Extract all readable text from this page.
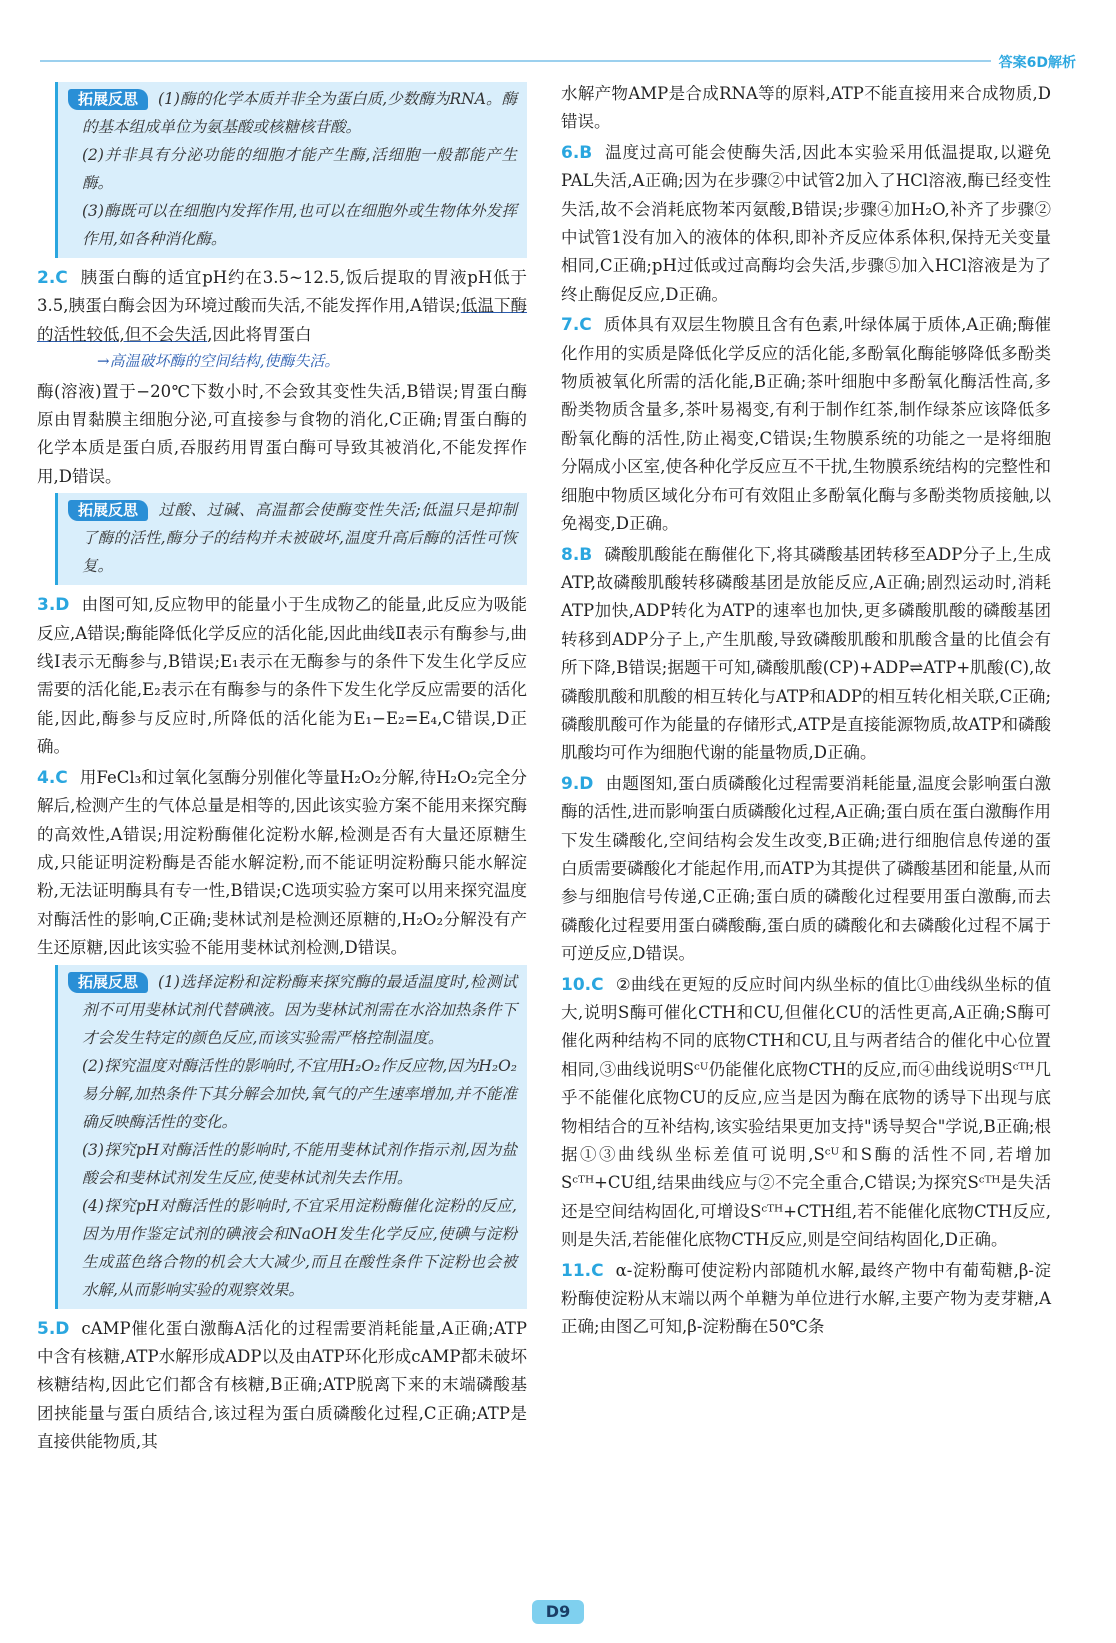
答案6D解析
拓展反思 (1)酶的化学本质并非全为蛋白质,少数酶为RNA。酶的基本组成单位为氨基酸或核糖核苷酸。
(2)并非具有分泌功能的细胞才能产生酶,活细胞一般都能产生酶。
(3)酶既可以在细胞内发挥作用,也可以在细胞外或生物体外发挥作用,如各种消化酶。
2.C 胰蛋白酶的适宜pH约在3.5~12.5,饭后提取的胃液pH低于3.5,胰蛋白酶会因为环境过酸而失活,不能发挥作用,A错误;低温下酶的活性较低,但不会失活,因此将胃蛋白
→高温破坏酶的空间结构,使酶失活。
酶(溶液)置于−20℃下数小时,不会致其变性失活,B错误;胃蛋白酶原由胃黏膜主细胞分泌,可直接参与食物的消化,C正确;胃蛋白酶的化学本质是蛋白质,吞服药用胃蛋白酶可导致其被消化,不能发挥作用,D错误。
拓展反思 过酸、过碱、高温都会使酶变性失活;低温只是抑制了酶的活性,酶分子的结构并未被破坏,温度升高后酶的活性可恢复。
3.D 由图可知,反应物甲的能量小于生成物乙的能量,此反应为吸能反应,A错误;酶能降低化学反应的活化能,因此曲线Ⅱ表示有酶参与,曲线Ⅰ表示无酶参与,B错误;E₁表示在无酶参与的条件下发生化学反应需要的活化能,E₂表示在有酶参与的条件下发生化学反应需要的活化能,因此,酶参与反应时,所降低的活化能为E₁−E₂=E₄,C错误,D正确。
4.C 用FeCl₃和过氧化氢酶分别催化等量H₂O₂分解,待H₂O₂完全分解后,检测产生的气体总量是相等的,因此该实验方案不能用来探究酶的高效性,A错误;用淀粉酶催化淀粉水解,检测是否有大量还原糖生成,只能证明淀粉酶是否能水解淀粉,而不能证明淀粉酶只能水解淀粉,无法证明酶具有专一性,B错误;C选项实验方案可以用来探究温度对酶活性的影响,C正确;斐林试剂是检测还原糖的,H₂O₂分解没有产生还原糖,因此该实验不能用斐林试剂检测,D错误。
拓展反思 (1)选择淀粉和淀粉酶来探究酶的最适温度时,检测试剂不可用斐林试剂代替碘液。因为斐林试剂需在水浴加热条件下才会发生特定的颜色反应,而该实验需严格控制温度。
(2)探究温度对酶活性的影响时,不宜用H₂O₂作反应物,因为H₂O₂易分解,加热条件下其分解会加快,氧气的产生速率增加,并不能准确反映酶活性的变化。
(3)探究pH对酶活性的影响时,不能用斐林试剂作指示剂,因为盐酸会和斐林试剂发生反应,使斐林试剂失去作用。
(4)探究pH对酶活性的影响时,不宜采用淀粉酶催化淀粉的反应,因为用作鉴定试剂的碘液会和NaOH发生化学反应,使碘与淀粉生成蓝色络合物的机会大大减少,而且在酸性条件下淀粉也会被水解,从而影响实验的观察效果。
5.D cAMP催化蛋白激酶A活化的过程需要消耗能量,A正确;ATP中含有核糖,ATP水解形成ADP以及由ATP环化形成cAMP都未破坏核糖结构,因此它们都含有核糖,B正确;ATP脱离下来的末端磷酸基团挟能量与蛋白质结合,该过程为蛋白质磷酸化过程,C正确;ATP是直接供能物质,其
水解产物AMP是合成RNA等的原料,ATP不能直接用来合成物质,D错误。
6.B 温度过高可能会使酶失活,因此本实验采用低温提取,以避免PAL失活,A正确;因为在步骤②中试管2加入了HCl溶液,酶已经变性失活,故不会消耗底物苯丙氨酸,B错误;步骤④加H₂O,补齐了步骤②中试管1没有加入的液体的体积,即补齐反应体系体积,保持无关变量相同,C正确;pH过低或过高酶均会失活,步骤⑤加入HCl溶液是为了终止酶促反应,D正确。
7.C 质体具有双层生物膜且含有色素,叶绿体属于质体,A正确;酶催化作用的实质是降低化学反应的活化能,多酚氧化酶能够降低多酚类物质被氧化所需的活化能,B正确;茶叶细胞中多酚氧化酶活性高,多酚类物质含量多,茶叶易褐变,有利于制作红茶,制作绿茶应该降低多酚氧化酶的活性,防止褐变,C错误;生物膜系统的功能之一是将细胞分隔成小区室,使各种化学反应互不干扰,生物膜系统结构的完整性和细胞中物质区域化分布可有效阻止多酚氧化酶与多酚类物质接触,以免褐变,D正确。
8.B 磷酸肌酸能在酶催化下,将其磷酸基团转移至ADP分子上,生成ATP,故磷酸肌酸转移磷酸基团是放能反应,A正确;剧烈运动时,消耗ATP加快,ADP转化为ATP的速率也加快,更多磷酸肌酸的磷酸基团转移到ADP分子上,产生肌酸,导致磷酸肌酸和肌酸含量的比值会有所下降,B错误;据题干可知,磷酸肌酸(CP)+ADP⇌ATP+肌酸(C),故磷酸肌酸和肌酸的相互转化与ATP和ADP的相互转化相关联,C正确;磷酸肌酸可作为能量的存储形式,ATP是直接能源物质,故ATP和磷酸肌酸均可作为细胞代谢的能量物质,D正确。
9.D 由题图知,蛋白质磷酸化过程需要消耗能量,温度会影响蛋白激酶的活性,进而影响蛋白质磷酸化过程,A正确;蛋白质在蛋白激酶作用下发生磷酸化,空间结构会发生改变,B正确;进行细胞信息传递的蛋白质需要磷酸化才能起作用,而ATP为其提供了磷酸基团和能量,从而参与细胞信号传递,C正确;蛋白质的磷酸化过程要用蛋白激酶,而去磷酸化过程要用蛋白磷酸酶,蛋白质的磷酸化和去磷酸化过程不属于可逆反应,D错误。
10.C ②曲线在更短的反应时间内纵坐标的值比①曲线纵坐标的值大,说明S酶可催化CTH和CU,但催化CU的活性更高,A正确;S酶可催化两种结构不同的底物CTH和CU,且与两者结合的催化中心位置相同,③曲线说明Sᶜᵁ仍能催化底物CTH的反应,而④曲线说明Sᶜᵀᴴ几乎不能催化底物CU的反应,应当是因为酶在底物的诱导下出现与底物相结合的互补结构,该实验结果更加支持"诱导契合"学说,B正确;根据①③曲线纵坐标差值可说明,Sᶜᵁ和S酶的活性不同,若增加Sᶜᵀᴴ+CU组,结果曲线应与②不完全重合,C错误;为探究Sᶜᵀᴴ是失活还是空间结构固化,可增设Sᶜᵀᴴ+CTH组,若不能催化底物CTH反应,则是失活,若能催化底物CTH反应,则是空间结构固化,D正确。
11.C α-淀粉酶可使淀粉内部随机水解,最终产物中有葡萄糖,β-淀粉酶使淀粉从末端以两个单糖为单位进行水解,主要产物为麦芽糖,A正确;由图乙可知,β-淀粉酶在50℃条
D9
